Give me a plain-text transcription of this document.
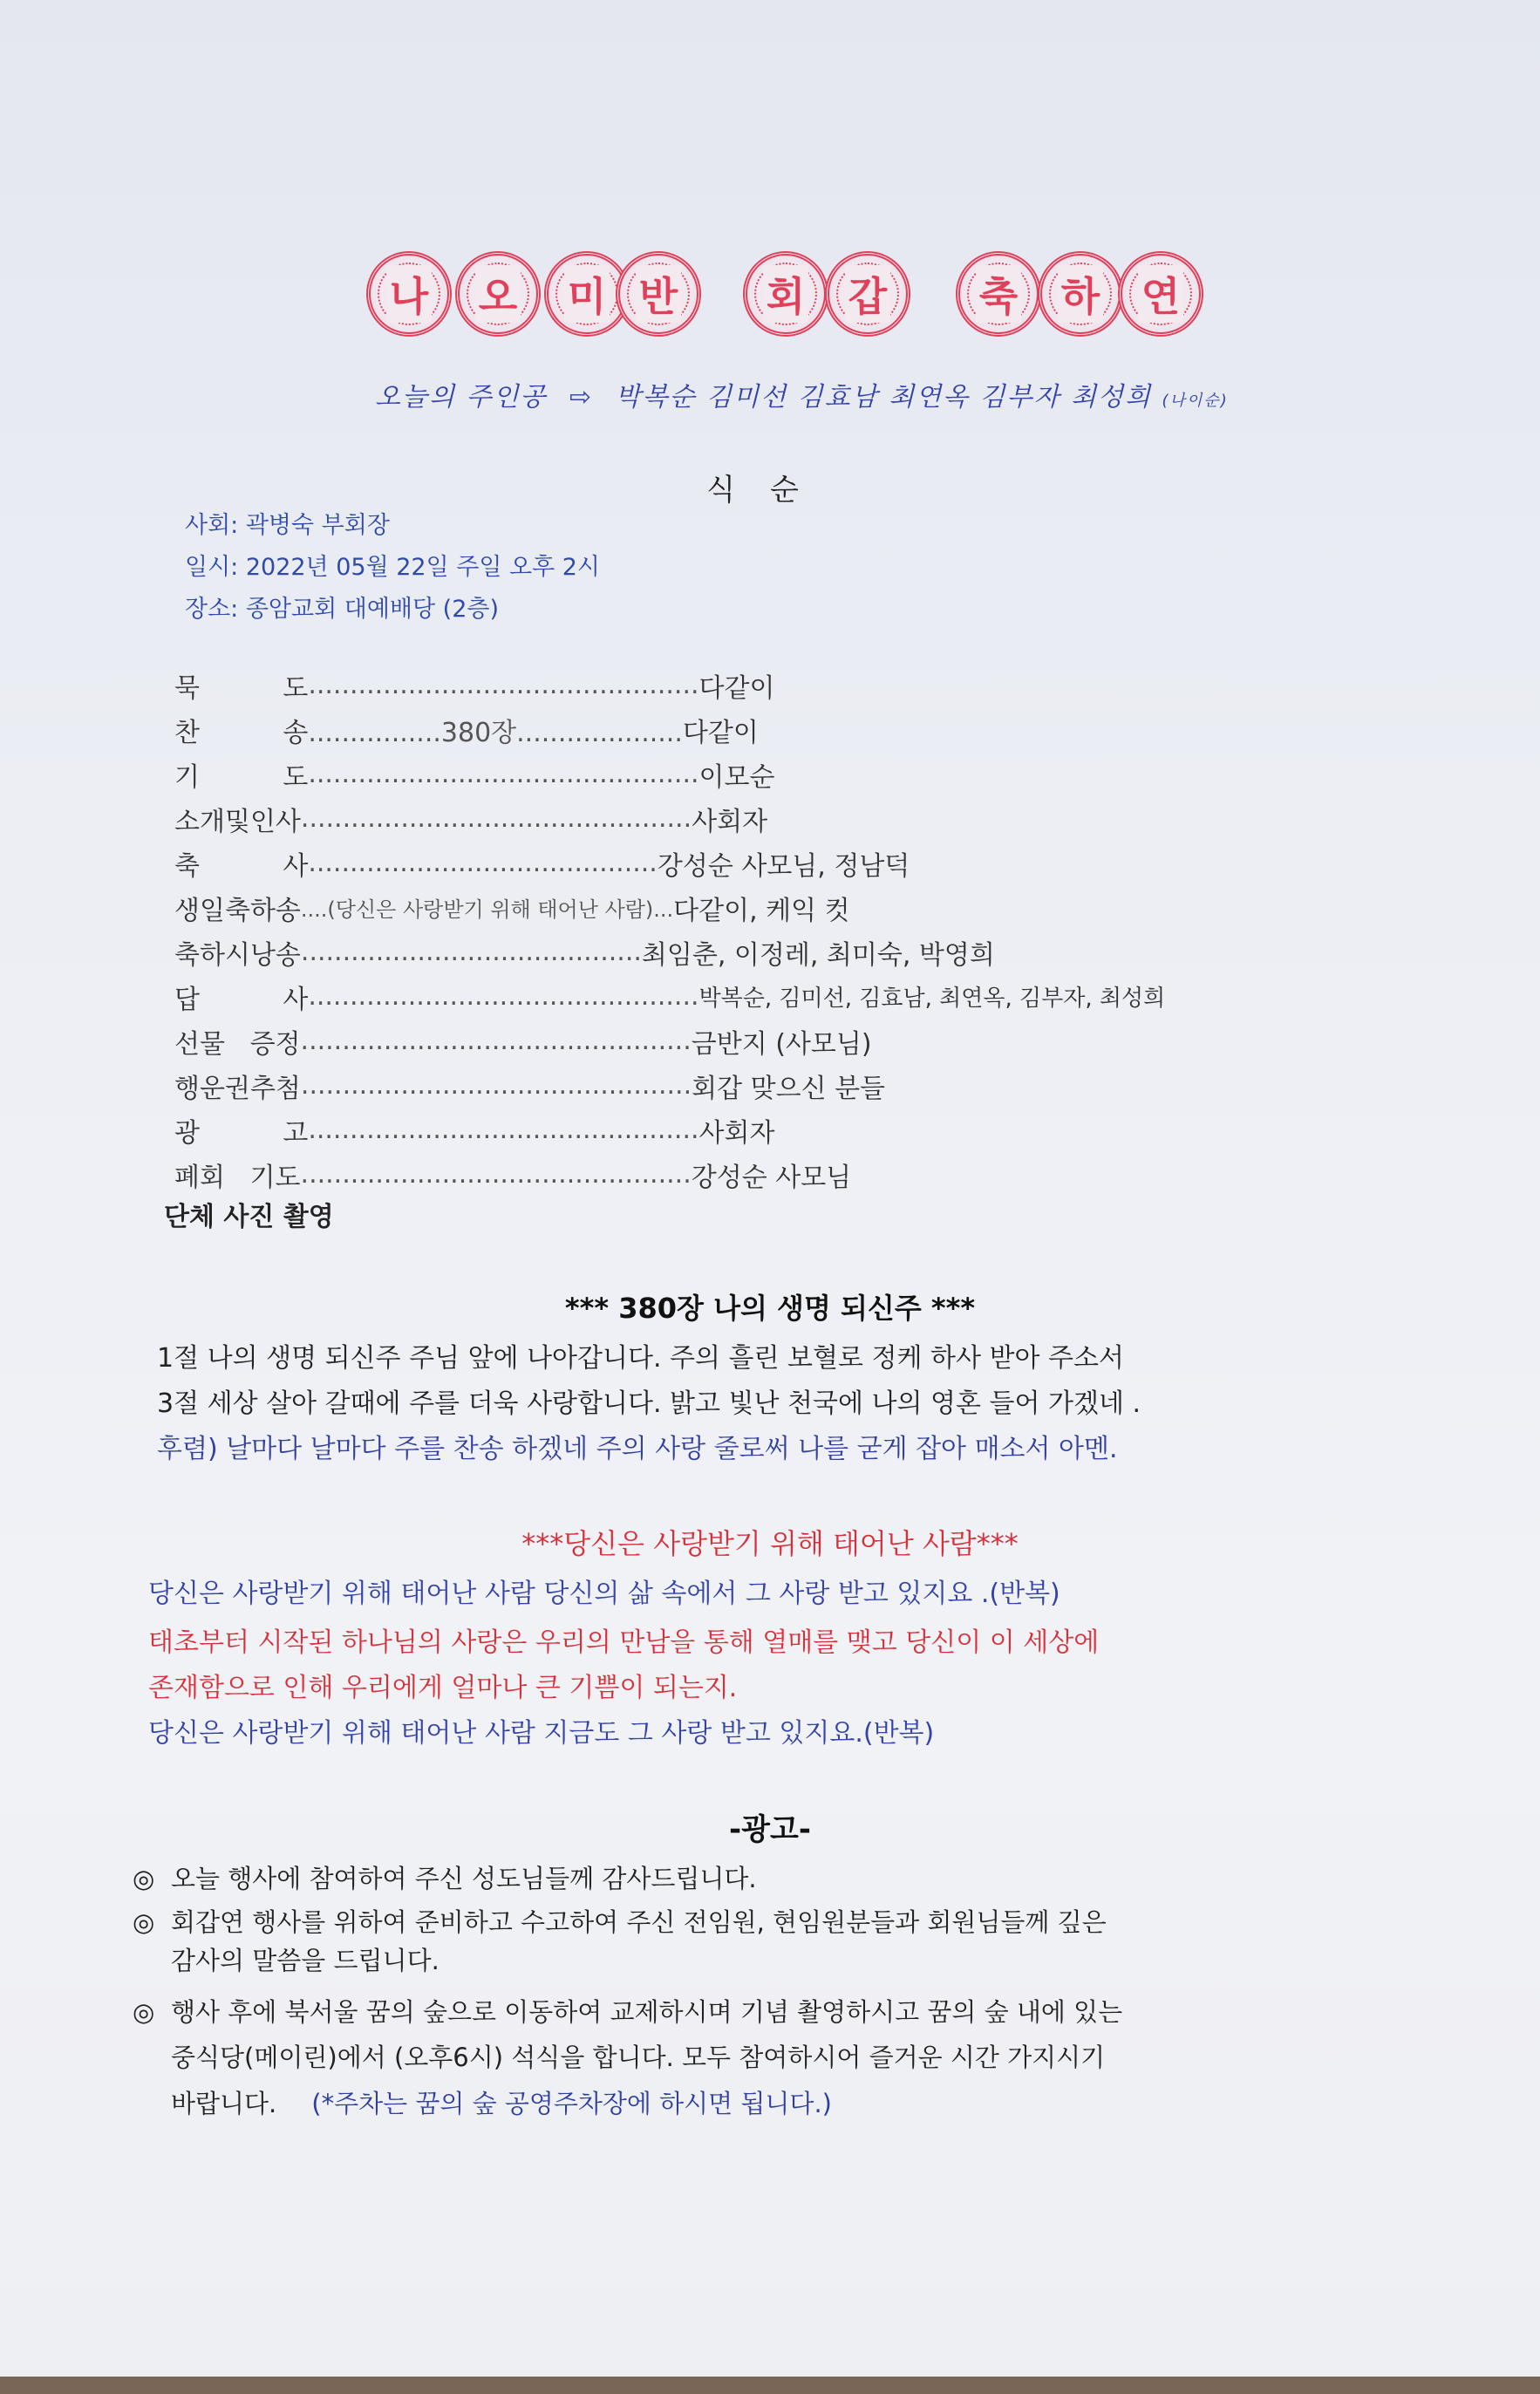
나 오 미 반 회 갑 축 하 연
오늘의 주인공 ⇨ 박복순 김미선 김효남 최연옥 김부자 최성희 (나이순)
식순
사회: 곽병숙 부회장
일시: 2022년 05월 22일 주일 오후 2시
장소: 종암교회 대예배당 (2층)
묵          도 ............................................... 다같이
찬          송 ................380장.................... 다같이
기          도 ............................................... 이모순
소개및인사 ............................................... 사회자
축          사 .......................................... 강성순 사모님, 정남덕
생일축하송 ....(당신은 사랑받기 위해 태어난 사람)... 다같이, 케익 컷
축하시낭송 ......................................... 최임춘, 이정레, 최미숙, 박영희
답          사 ............................................... 박복순, 김미선, 김효남, 최연옥, 김부자, 최성희
선물   증정 ............................................... 금반지 (사모님)
행운권추첨 ............................................... 회갑 맞으신 분들
광          고 ............................................... 사회자
폐회   기도 ............................................... 강성순 사모님
단체 사진 촬영
*** 380장 나의 생명 되신주 ***
1절 나의 생명 되신주 주님 앞에 나아갑니다. 주의 흘린 보혈로 정케 하사 받아 주소서
3절 세상 살아 갈때에 주를 더욱 사랑합니다. 밝고 빛난 천국에 나의 영혼 들어 가겠네 .
후렴) 날마다 날마다 주를 찬송 하겠네 주의 사랑 줄로써 나를 굳게 잡아 매소서 아멘.
***당신은 사랑받기 위해 태어난 사람***
당신은 사랑받기 위해 태어난 사람 당신의 삶 속에서 그 사랑 받고 있지요 .(반복)
태초부터 시작된 하나님의 사랑은 우리의 만남을 통해 열매를 맺고 당신이 이 세상에
존재함으로 인해 우리에게 얼마나 큰 기쁨이 되는지.
당신은 사랑받기 위해 태어난 사람 지금도 그 사랑 받고 있지요.(반복)
-광고-
◎ 오늘 행사에 참여하여 주신 성도님들께 감사드립니다.
◎ 회갑연 행사를 위하여 준비하고 수고하여 주신 전임원, 현임원분들과 회원님들께 깊은
감사의 말씀을 드립니다.
◎ 행사 후에 북서울 꿈의 숲으로 이동하여 교제하시며 기념 촬영하시고 꿈의 숲 내에 있는
중식당(메이린)에서 (오후6시) 석식을 합니다. 모두 참여하시어 즐거운 시간 가지시기
바랍니다. (*주차는 꿈의 숲 공영주차장에 하시면 됩니다.)
